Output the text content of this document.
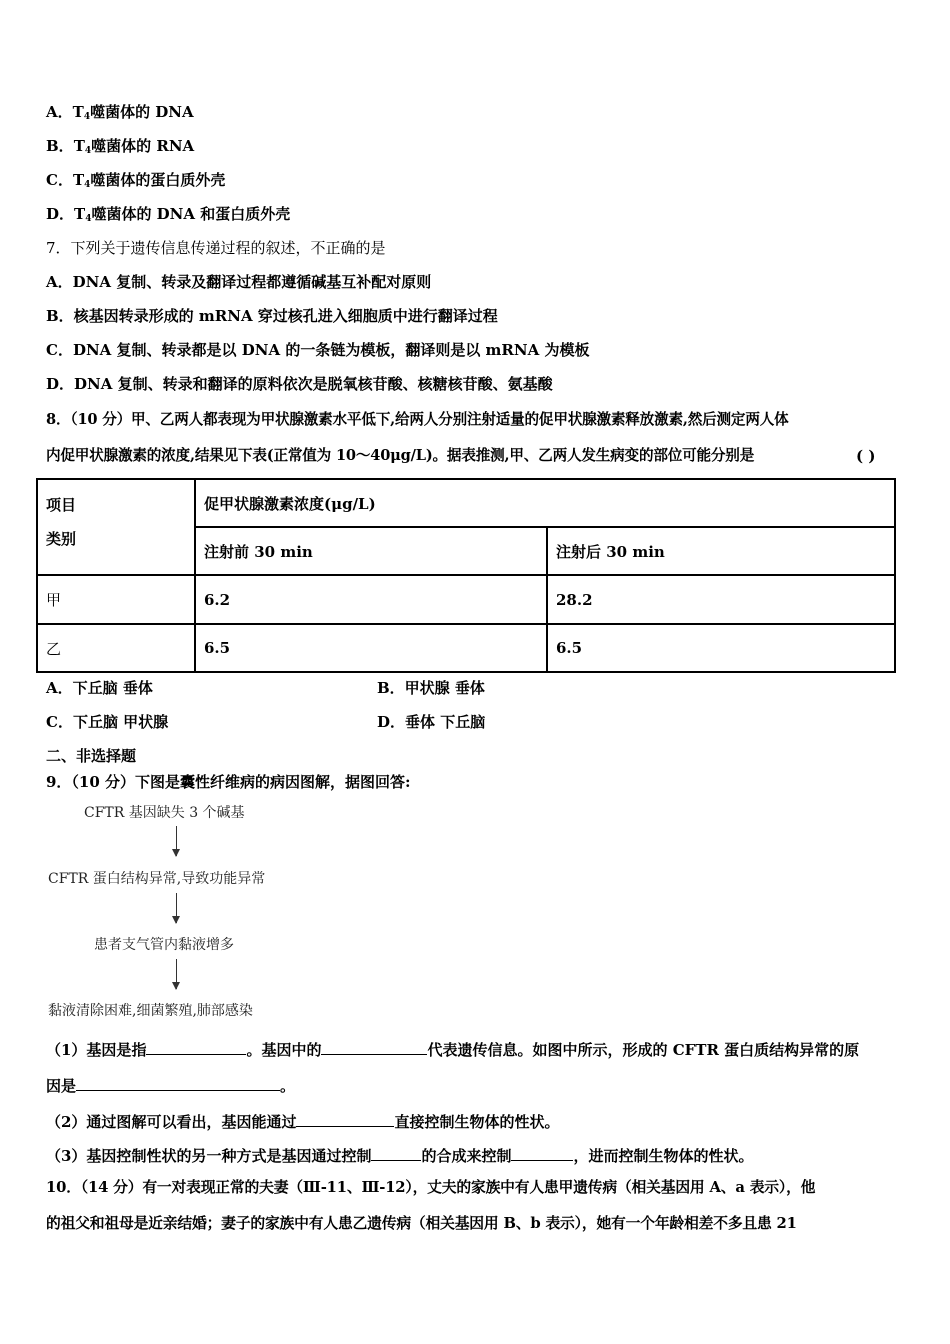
A．$T_4$噬菌体的 DNA
B．$T_4$噬菌体的 RNA
C．$T_4$噬菌体的蛋白质外壳
D．$T_4$噬菌体的 DNA 和蛋白质外壳
7．下列关于遗传信息传递过程的叙述，不正确的是
A．DNA 复制、转录及翻译过程都遵循碱基互补配对原则
B．核基因转录形成的 mRNA 穿过核孔进入细胞质中进行翻译过程
C．DNA 复制、转录都是以 DNA 的一条链为模板，翻译则是以 mRNA 为模板
D．DNA 复制、转录和翻译的原料依次是脱氧核苷酸、核糖核苷酸、氨基酸
8．（10 分）甲、乙两人都表现为甲状腺激素水平低下,给两人分别注射适量的促甲状腺激素释放激素,然后测定两人体
内促甲状腺激素的浓度,结果见下表(正常值为 10～40μg/L)。据表推测,甲、乙两人发生病变的部位可能分别是	( )
项目
类别	促甲状腺激素浓度(μg/L)	
	注射前 30 min	注射后 30 min
甲	6.2	28.2
乙	6.5	6.5
A．下丘脑 垂体	B．甲状腺 垂体
C．下丘脑 甲状腺	D．垂体 下丘脑
二、非选择题
9．（10 分）下图是囊性纤维病的病因图解，据图回答:
CFTR 基因缺失 3 个碱基
CFTR 蛋白结构异常,导致功能异常
患者支气管内黏液增多
黏液清除困难,细菌繁殖,肺部感染
（1）基因是指	。基因中的	代表遗传信息。如图中所示，形成的 CFTR 蛋白质结构异常的原
因是	。
（2）通过图解可以看出，基因能通过	直接控制生物体的性状。
（3）基因控制性状的另一种方式是基因通过控制	的合成来控制	，进而控制生物体的性状。
10．（14 分）有一对表现正常的夫妻（Ⅲ-11、Ⅲ-12），丈夫的家族中有人患甲遗传病（相关基因用 A、a 表示），他
的祖父和祖母是近亲结婚；妻子的家族中有人患乙遗传病（相关基因用 B、b 表示），她有一个年龄相差不多且患 21
